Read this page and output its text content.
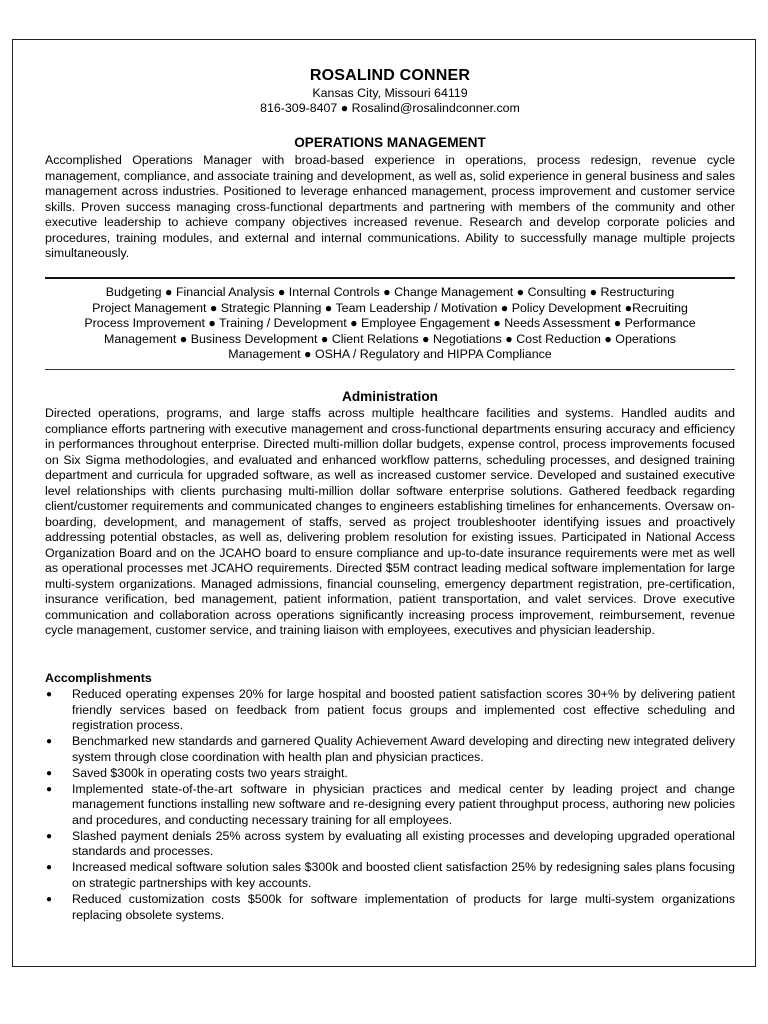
ROSALIND CONNER
Kansas City, Missouri 64119
816-309-8407 ● Rosalind@rosalindconner.com
OPERATIONS MANAGEMENT

Accomplished Operations Manager with broad-based experience in operations, process redesign, revenue cycle management, compliance, and associate training and development, as well as, solid experience in general business and sales management across industries. Positioned to leverage enhanced management, process improvement and customer service skills. Proven success managing cross-functional departments and partnering with members of the community and other executive leadership to achieve company objectives increased revenue. Research and develop corporate policies and procedures, training modules, and external and internal communications. Ability to successfully manage multiple projects simultaneously.

Budgeting ● Financial Analysis ● Internal Controls ● Change Management ● Consulting ● Restructuring
Project Management ● Strategic Planning ● Team Leadership / Motivation ● Policy Development ●Recruiting
Process Improvement ● Training / Development ● Employee Engagement ● Needs Assessment ● Performance
Management ● Business Development ● Client Relations ● Negotiations ● Cost Reduction ● Operations
Management ● OSHA / Regulatory and HIPPA Compliance
Administration

Directed operations, programs, and large staffs across multiple healthcare facilities and systems. Handled audits and compliance efforts partnering with executive management and cross-functional departments ensuring accuracy and efficiency in performances throughout enterprise. Directed multi-million dollar budgets, expense control, process improvements focused on Six Sigma methodologies, and evaluated and enhanced workflow patterns, scheduling processes, and designed training department and curricula for upgraded software, as well as increased customer service. Developed and sustained executive level relationships with clients purchasing multi-million dollar software enterprise solutions. Gathered feedback regarding client/customer requirements and communicated changes to engineers establishing timelines for enhancements. Oversaw on-boarding, development, and management of staffs, served as project troubleshooter identifying issues and proactively addressing potential obstacles, as well as, delivering problem resolution for existing issues. Participated in National Access Organization Board and on the JCAHO board to ensure compliance and up-to-date insurance requirements were met as well as operational processes met JCAHO requirements. Directed $5M contract leading medical software implementation for large multi-system organizations. Managed admissions, financial counseling, emergency department registration, pre-certification, insurance verification, bed management, patient information, patient transportation, and valet services. Drove executive communication and collaboration across operations significantly increasing process improvement, reimbursement, revenue cycle management, customer service, and training liaison with employees, executives and physician leadership.

Accomplishments
● Reduced operating expenses 20% for large hospital and boosted patient satisfaction scores 30+% by delivering patient friendly services based on feedback from patient focus groups and implemented cost effective scheduling and registration process.
● Benchmarked new standards and garnered Quality Achievement Award developing and directing new integrated delivery system through close coordination with health plan and physician practices.
● Saved $300k in operating costs two years straight.
● Implemented state-of-the-art software in physician practices and medical center by leading project and change management functions installing new software and re-designing every patient throughput process, authoring new policies and procedures, and conducting necessary training for all employees.
● Slashed payment denials 25% across system by evaluating all existing processes and developing upgraded operational standards and processes.
● Increased medical software solution sales $300k and boosted client satisfaction 25% by redesigning sales plans focusing on strategic partnerships with key accounts.
● Reduced customization costs $500k for software implementation of products for large multi-system organizations replacing obsolete systems.
